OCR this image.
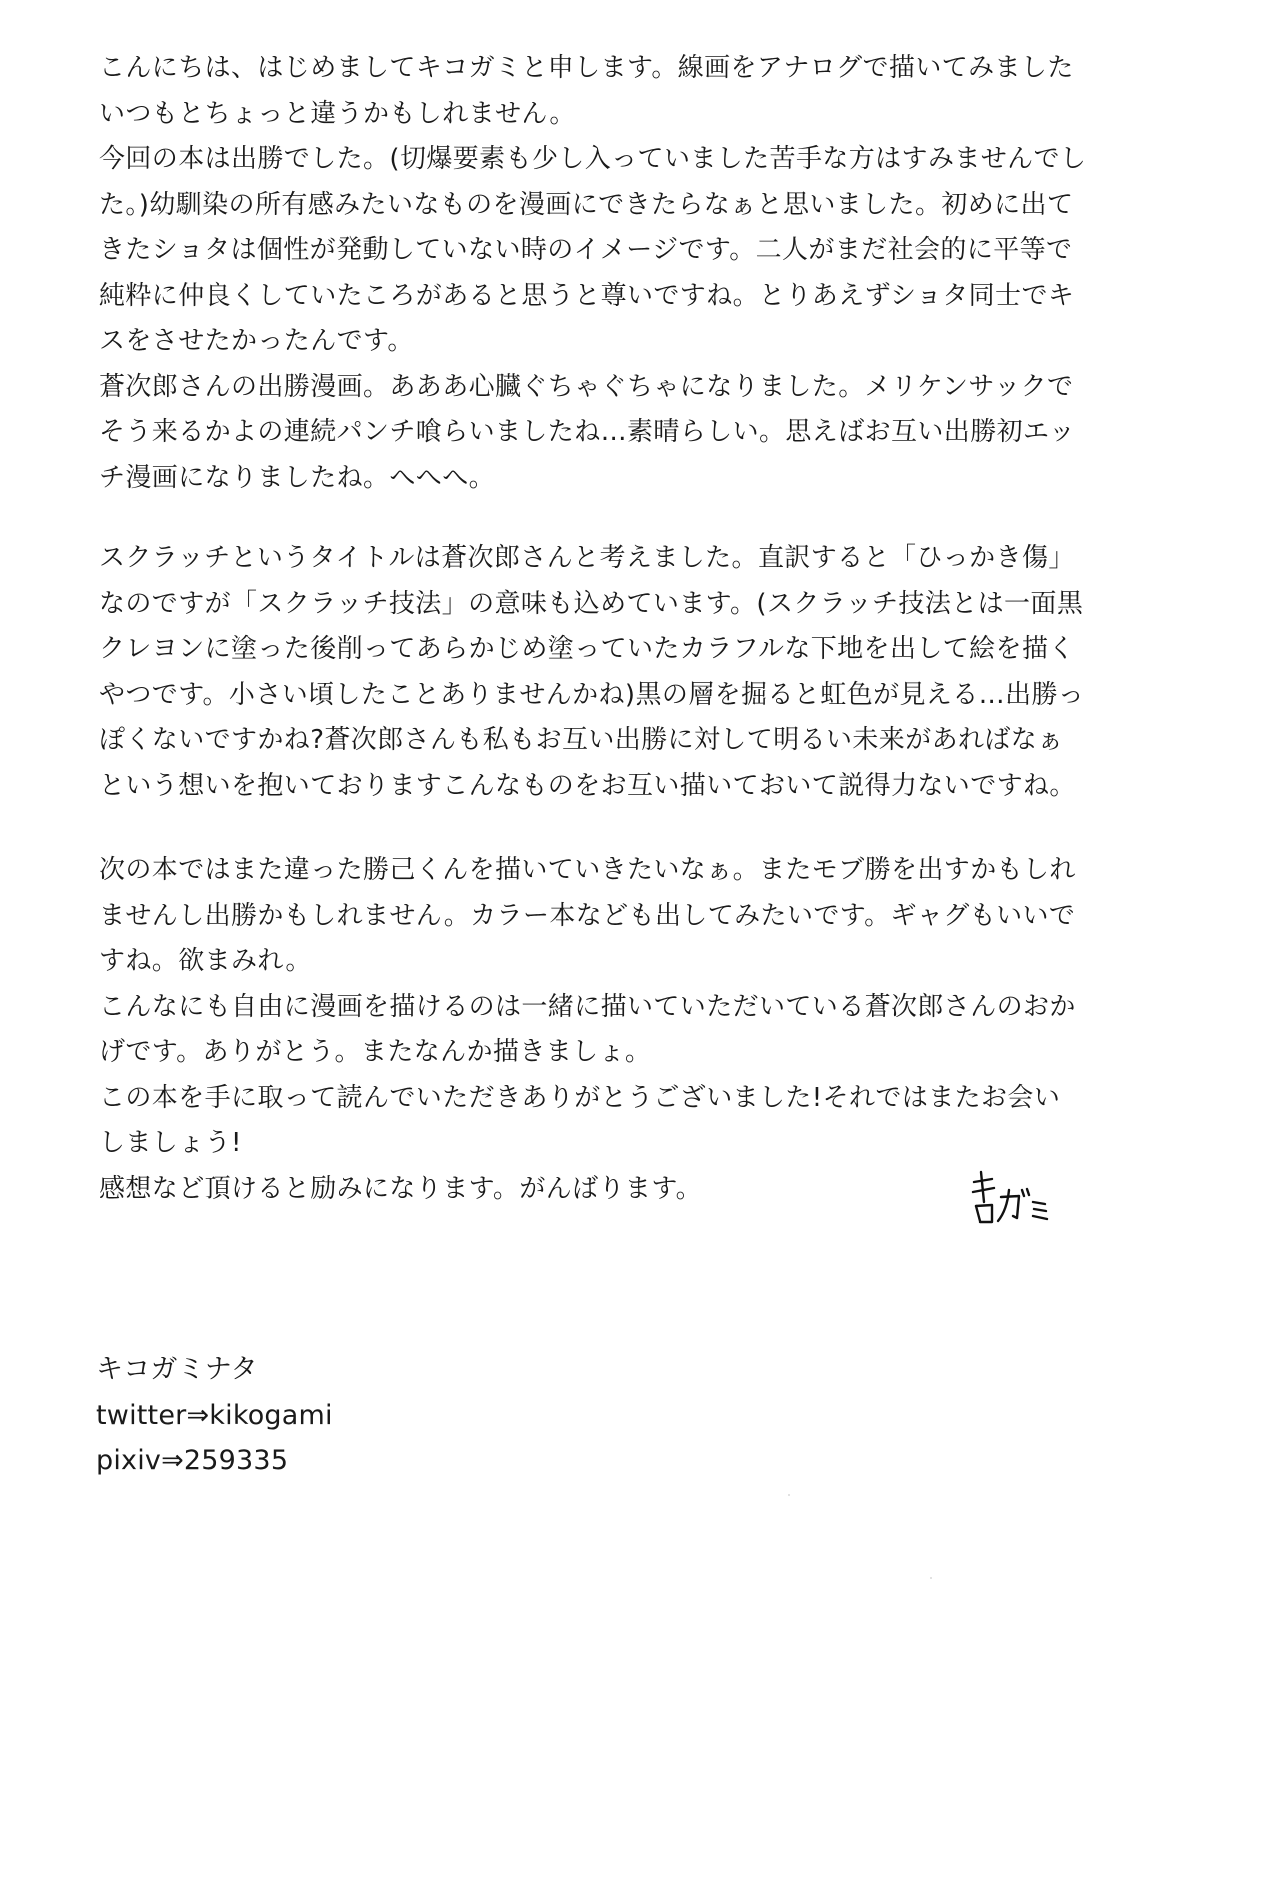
こんにちは、はじめましてキコガミと申します。線画をアナログで描いてみました
いつもとちょっと違うかもしれません。
今回の本は出勝でした。(切爆要素も少し入っていました苦手な方はすみませんでし
た。)幼馴染の所有感みたいなものを漫画にできたらなぁと思いました。初めに出て
きたショタは個性が発動していない時のイメージです。二人がまだ社会的に平等で
純粋に仲良くしていたころがあると思うと尊いですね。とりあえずショタ同士でキ
スをさせたかったんです。
蒼次郎さんの出勝漫画。あああ心臓ぐちゃぐちゃになりました。メリケンサックで
そう来るかよの連続パンチ喰らいましたね…素晴らしい。思えばお互い出勝初エッ
チ漫画になりましたね。へへへ。
スクラッチというタイトルは蒼次郎さんと考えました。直訳すると「ひっかき傷」
なのですが「スクラッチ技法」の意味も込めています。(スクラッチ技法とは一面黒
クレヨンに塗った後削ってあらかじめ塗っていたカラフルな下地を出して絵を描く
やつです。小さい頃したことありませんかね)黒の層を掘ると虹色が見える…出勝っ
ぽくないですかね?蒼次郎さんも私もお互い出勝に対して明るい未来があればなぁ
という想いを抱いておりますこんなものをお互い描いておいて説得力ないですね。
次の本ではまた違った勝己くんを描いていきたいなぁ。またモブ勝を出すかもしれ
ませんし出勝かもしれません。カラー本なども出してみたいです。ギャグもいいで
すね。欲まみれ。
こんなにも自由に漫画を描けるのは一緒に描いていただいている蒼次郎さんのおか
げです。ありがとう。またなんか描きましょ。
この本を手に取って読んでいただきありがとうございました!それではまたお会い
しましょう!
感想など頂けると励みになります。がんばります。
キコガミナタ
twitter⇒kikogami
pixiv⇒259335
